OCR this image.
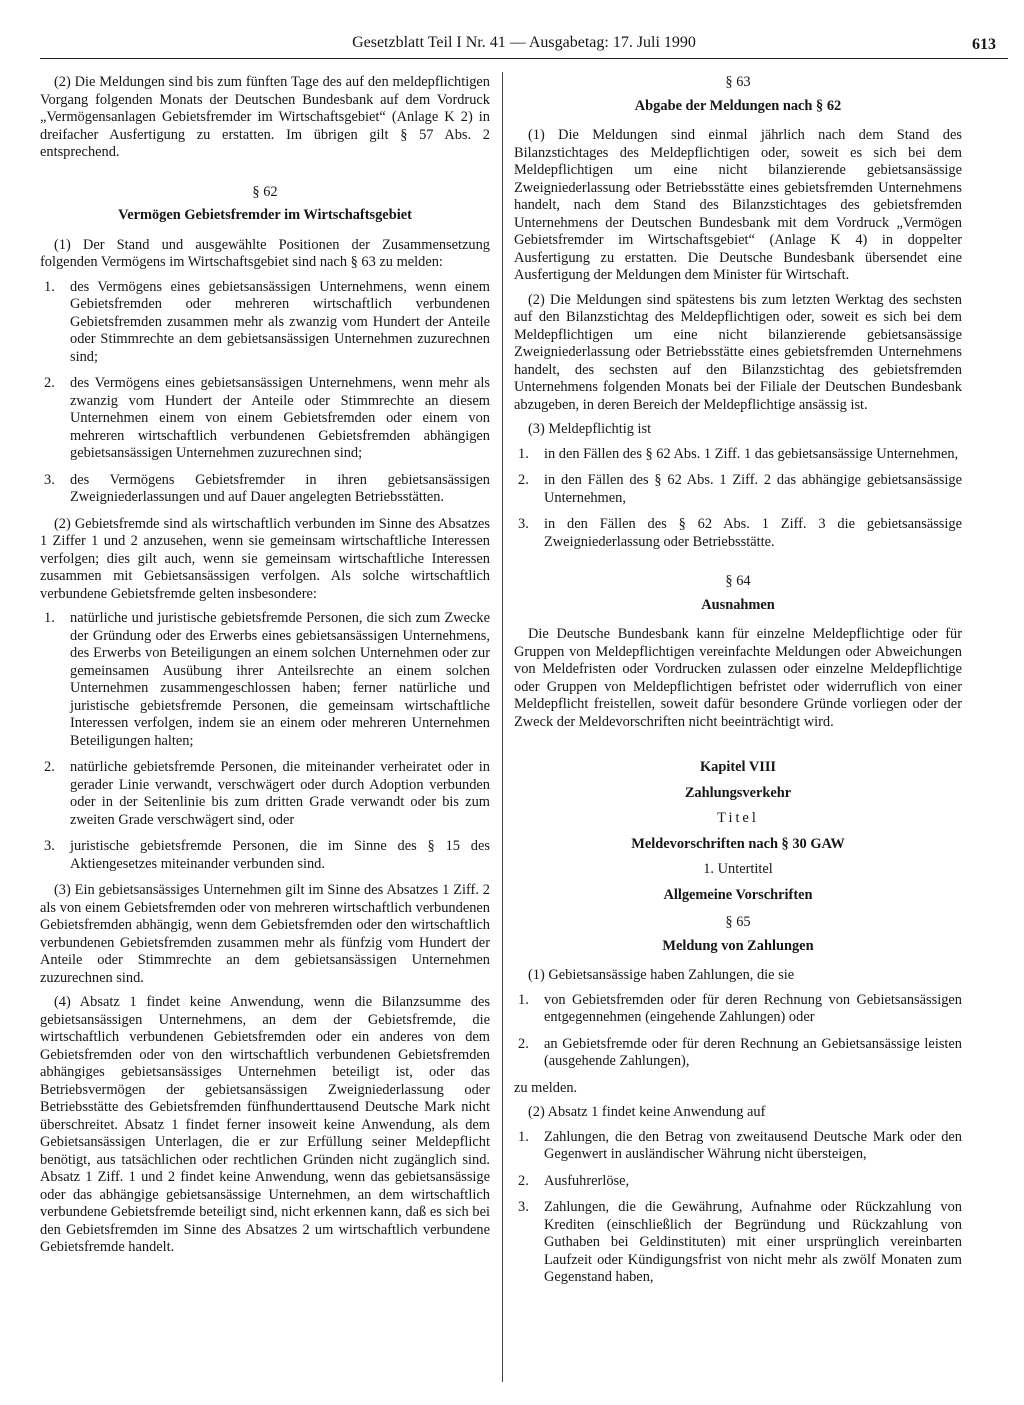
Gesetzblatt Teil I Nr. 41 — Ausgabetag: 17. Juli 1990	613

(2) Die Meldungen sind bis zum fünften Tage des auf den meldepflichtigen Vorgang folgenden Monats der Deutschen Bundesbank auf dem Vordruck „Vermögensanlagen Gebietsfremder im Wirtschaftsgebiet“ (Anlage K 2) in dreifacher Ausfertigung zu erstatten. Im übrigen gilt § 57 Abs. 2 entsprechend.

§ 62
Vermögen Gebietsfremder im Wirtschaftsgebiet

(1) Der Stand und ausgewählte Positionen der Zusammensetzung folgenden Vermögens im Wirtschaftsgebiet sind nach § 63 zu melden:

1. des Vermögens eines gebietsansässigen Unternehmens, wenn einem Gebietsfremden oder mehreren wirtschaftlich verbundenen Gebietsfremden zusammen mehr als zwanzig vom Hundert der Anteile oder Stimmrechte an dem gebietsansässigen Unternehmen zuzurechnen sind;
2. des Vermögens eines gebietsansässigen Unternehmens, wenn mehr als zwanzig vom Hundert der Anteile oder Stimmrechte an diesem Unternehmen einem von einem Gebietsfremden oder einem von mehreren wirtschaftlich verbundenen Gebietsfremden abhängigen gebietsansässigen Unternehmen zuzurechnen sind;
3. des Vermögens Gebietsfremder in ihren gebietsansässigen Zweigniederlassungen und auf Dauer angelegten Betriebsstätten.

(2) Gebietsfremde sind als wirtschaftlich verbunden im Sinne des Absatzes 1 Ziffer 1 und 2 anzusehen, wenn sie gemeinsam wirtschaftliche Interessen verfolgen; dies gilt auch, wenn sie gemeinsam wirtschaftliche Interessen zusammen mit Gebietsansässigen verfolgen. Als solche wirtschaftlich verbundene Gebietsfremde gelten insbesondere:

1. natürliche und juristische gebietsfremde Personen, die sich zum Zwecke der Gründung oder des Erwerbs eines gebietsansässigen Unternehmens, des Erwerbs von Beteiligungen an einem solchen Unternehmen oder zur gemeinsamen Ausübung ihrer Anteilsrechte an einem solchen Unternehmen zusammengeschlossen haben; ferner natürliche und juristische gebietsfremde Personen, die gemeinsam wirtschaftliche Interessen verfolgen, indem sie an einem oder mehreren Unternehmen Beteiligungen halten;
2. natürliche gebietsfremde Personen, die miteinander verheiratet oder in gerader Linie verwandt, verschwägert oder durch Adoption verbunden oder in der Seitenlinie bis zum dritten Grade verwandt oder bis zum zweiten Grade verschwägert sind, oder
3. juristische gebietsfremde Personen, die im Sinne des § 15 des Aktiengesetzes miteinander verbunden sind.

(3) Ein gebietsansässiges Unternehmen gilt im Sinne des Absatzes 1 Ziff. 2 als von einem Gebietsfremden oder von mehreren wirtschaftlich verbundenen Gebietsfremden abhängig, wenn dem Gebietsfremden oder den wirtschaftlich verbundenen Gebietsfremden zusammen mehr als fünfzig vom Hundert der Anteile oder Stimmrechte an dem gebietsansässigen Unternehmen zuzurechnen sind.

(4) Absatz 1 findet keine Anwendung, wenn die Bilanzsumme des gebietsansässigen Unternehmens, an dem der Gebietsfremde, die wirtschaftlich verbundenen Gebietsfremden oder ein anderes von dem Gebietsfremden oder von den wirtschaftlich verbundenen Gebietsfremden abhängiges gebietsansässiges Unternehmen beteiligt ist, oder das Betriebsvermögen der gebietsansässigen Zweigniederlassung oder Betriebsstätte des Gebietsfremden fünfhunderttausend Deutsche Mark nicht überschreitet. Absatz 1 findet ferner insoweit keine Anwendung, als dem Gebietsansässigen Unterlagen, die er zur Erfüllung seiner Meldepflicht benötigt, aus tatsächlichen oder rechtlichen Gründen nicht zugänglich sind. Absatz 1 Ziff. 1 und 2 findet keine Anwendung, wenn das gebietsansässige oder das abhängige gebietsansässige Unternehmen, an dem wirtschaftlich verbundene Gebietsfremde beteiligt sind, nicht erkennen kann, daß es sich bei den Gebietsfremden im Sinne des Absatzes 2 um wirtschaftlich verbundene Gebietsfremde handelt.

§ 63
Abgabe der Meldungen nach § 62

(1) Die Meldungen sind einmal jährlich nach dem Stand des Bilanzstichtages des Meldepflichtigen oder, soweit es sich bei dem Meldepflichtigen um eine nicht bilanzierende gebietsansässige Zweigniederlassung oder Betriebsstätte eines gebietsfremden Unternehmens handelt, nach dem Stand des Bilanzstichtages des gebietsfremden Unternehmens der Deutschen Bundesbank mit dem Vordruck „Vermögen Gebietsfremder im Wirtschaftsgebiet“ (Anlage K 4) in doppelter Ausfertigung zu erstatten. Die Deutsche Bundesbank übersendet eine Ausfertigung der Meldungen dem Minister für Wirtschaft.

(2) Die Meldungen sind spätestens bis zum letzten Werktag des sechsten auf den Bilanzstichtag des Meldepflichtigen oder, soweit es sich bei dem Meldepflichtigen um eine nicht bilanzierende gebietsansässige Zweigniederlassung oder Betriebsstätte eines gebietsfremden Unternehmens handelt, des sechsten auf den Bilanzstichtag des gebietsfremden Unternehmens folgenden Monats bei der Filiale der Deutschen Bundesbank abzugeben, in deren Bereich der Meldepflichtige ansässig ist.

(3) Meldepflichtig ist

1. in den Fällen des § 62 Abs. 1 Ziff. 1 das gebietsansässige Unternehmen,
2. in den Fällen des § 62 Abs. 1 Ziff. 2 das abhängige gebietsansässige Unternehmen,
3. in den Fällen des § 62 Abs. 1 Ziff. 3 die gebietsansässige Zweigniederlassung oder Betriebsstätte.
§ 64
Ausnahmen

Die Deutsche Bundesbank kann für einzelne Meldepflichtige oder für Gruppen von Meldepflichtigen vereinfachte Meldungen oder Abweichungen von Meldefristen oder Vordrucken zulassen oder einzelne Meldepflichtige oder Gruppen von Meldepflichtigen befristet oder widerruflich von einer Meldepflicht freistellen, soweit dafür besondere Gründe vorliegen oder der Zweck der Meldevorschriften nicht beeinträchtigt wird.

Kapitel VIII
Zahlungsverkehr
Titel
Meldevorschriften nach § 30 GAW
1. Untertitel
Allgemeine Vorschriften
§ 65
Meldung von Zahlungen

(1) Gebietsansässige haben Zahlungen, die sie

1. von Gebietsfremden oder für deren Rechnung von Gebietsansässigen entgegennehmen (eingehende Zahlungen) oder
2. an Gebietsfremde oder für deren Rechnung an Gebietsansässige leisten (ausgehende Zahlungen),

zu melden.

(2) Absatz 1 findet keine Anwendung auf

1. Zahlungen, die den Betrag von zweitausend Deutsche Mark oder den Gegenwert in ausländischer Währung nicht übersteigen,
2. Ausfuhrerlöse,
3. Zahlungen, die die Gewährung, Aufnahme oder Rückzahlung von Krediten (einschließlich der Begründung und Rückzahlung von Guthaben bei Geldinstituten) mit einer ursprünglich vereinbarten Laufzeit oder Kündigungsfrist von nicht mehr als zwölf Monaten zum Gegenstand haben,
